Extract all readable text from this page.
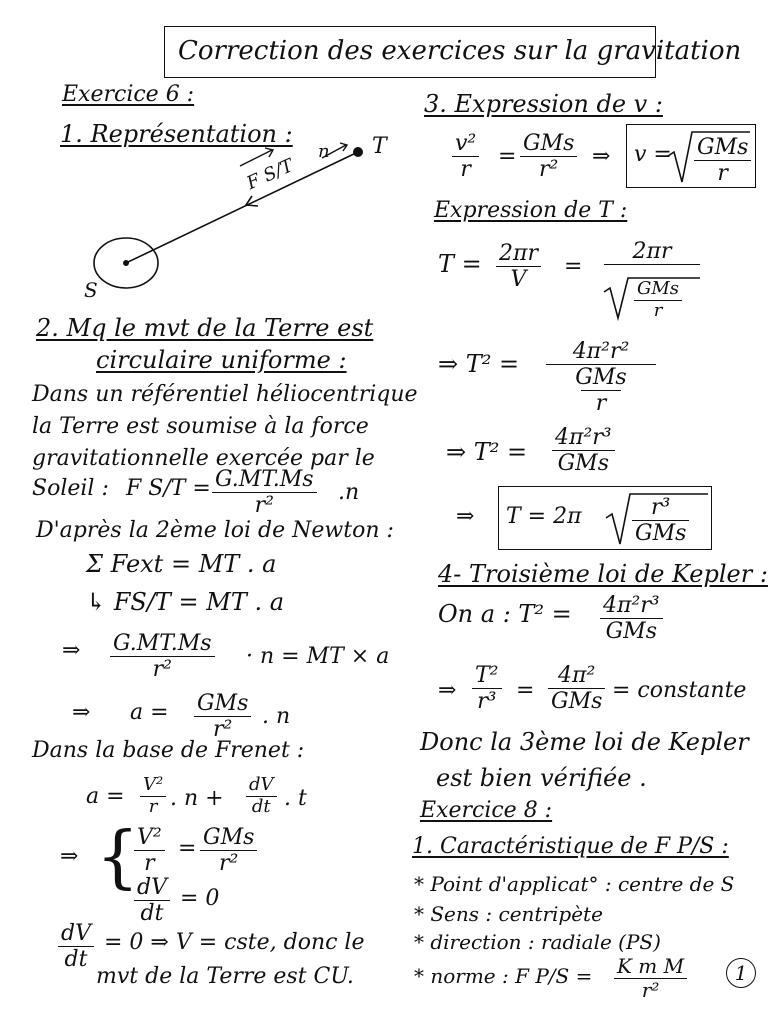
Correction des exercices sur la gravitation
Exercice 6 :
1. Représentation :
F S/T
n T
S
2. Mq le mvt de la Terre est
circulaire uniforme :
Dans un référentiel héliocentrique
la Terre est soumise à la force
gravitationnelle exercée par le
Soleil : F S/T = G.MT.Ms
r²
.n
D'après la 2ème loi de Newton :
Σ Fext = MT . a
↳ FS/T = MT . a
⇒ G.MT.Ms
r²
· n = MT × a
⇒ a = GMs
r²
. n
Dans la base de Frenet :
a = V²
r . n +
dV
dt . t
⇒ {
V²
r
= GMs
r²
dV
dt
= 0
dV
dt
= 0 ⇒ V = cste, donc le
mvt de la Terre est CU.
3. Expression de v :
v²
r
=
GMs
r²
⇒ v = GMs
r
Expression de T :
T = 2πr
V
=
2πr
GMs
r
⇒ T² = 4π²r²
GMs
r
⇒ T² =
4π²r³
GMs
⇒ T = 2π	r³
GMs
4- Troisième loi de Kepler :
On a : T² = 4π²r³
GMs
⇒
T²
r³ =
4π²
GMs = constante
Donc la 3ème loi de Kepler
est bien vérifiée .
Exercice 8 :
1. Caractéristique de F P/S :
* Point d'applicat° : centre de S
* Sens : centripète
* direction : radiale (PS)
* norme : F P/S = K m M
r²
1
